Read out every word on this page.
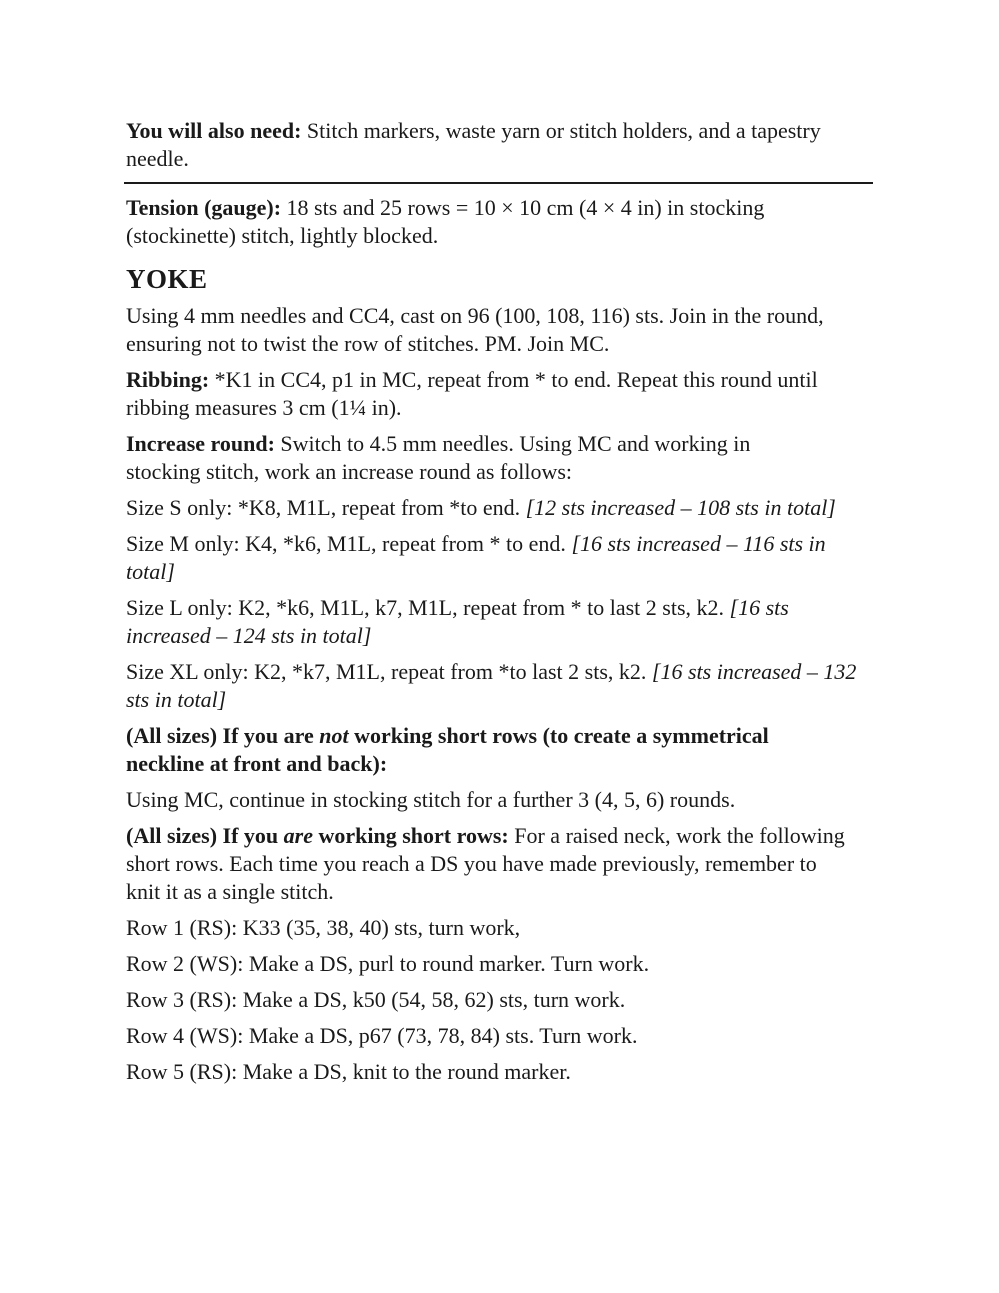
You will also need: Stitch markers, waste yarn or stitch holders, and a tapestry needle.

Tension (gauge): 18 sts and 25 rows = 10 × 10 cm (4 × 4 in) in stocking (stockinette) stitch, lightly blocked.

YOKE

Using 4 mm needles and CC4, cast on 96 (100, 108, 116) sts. Join in the round, ensuring not to twist the row of stitches. PM. Join MC.

Ribbing: *K1 in CC4, p1 in MC, repeat from * to end. Repeat this round until ribbing measures 3 cm (1¼ in).

Increase round: Switch to 4.5 mm needles. Using MC and working in stocking stitch, work an increase round as follows:

Size S only: *K8, M1L, repeat from *to end. [12 sts increased – 108 sts in total]

Size M only: K4, *k6, M1L, repeat from * to end. [16 sts increased – 116 sts in total]

Size L only: K2, *k6, M1L, k7, M1L, repeat from * to last 2 sts, k2. [16 sts increased – 124 sts in total]

Size XL only: K2, *k7, M1L, repeat from *to last 2 sts, k2. [16 sts increased – 132 sts in total]

(All sizes) If you are not working short rows (to create a symmetrical neckline at front and back):

Using MC, continue in stocking stitch for a further 3 (4, 5, 6) rounds.

(All sizes) If you are working short rows: For a raised neck, work the following short rows. Each time you reach a DS you have made previously, remember to knit it as a single stitch.

Row 1 (RS): K33 (35, 38, 40) sts, turn work,

Row 2 (WS): Make a DS, purl to round marker. Turn work.

Row 3 (RS): Make a DS, k50 (54, 58, 62) sts, turn work.

Row 4 (WS): Make a DS, p67 (73, 78, 84) sts. Turn work.

Row 5 (RS): Make a DS, knit to the round marker.
